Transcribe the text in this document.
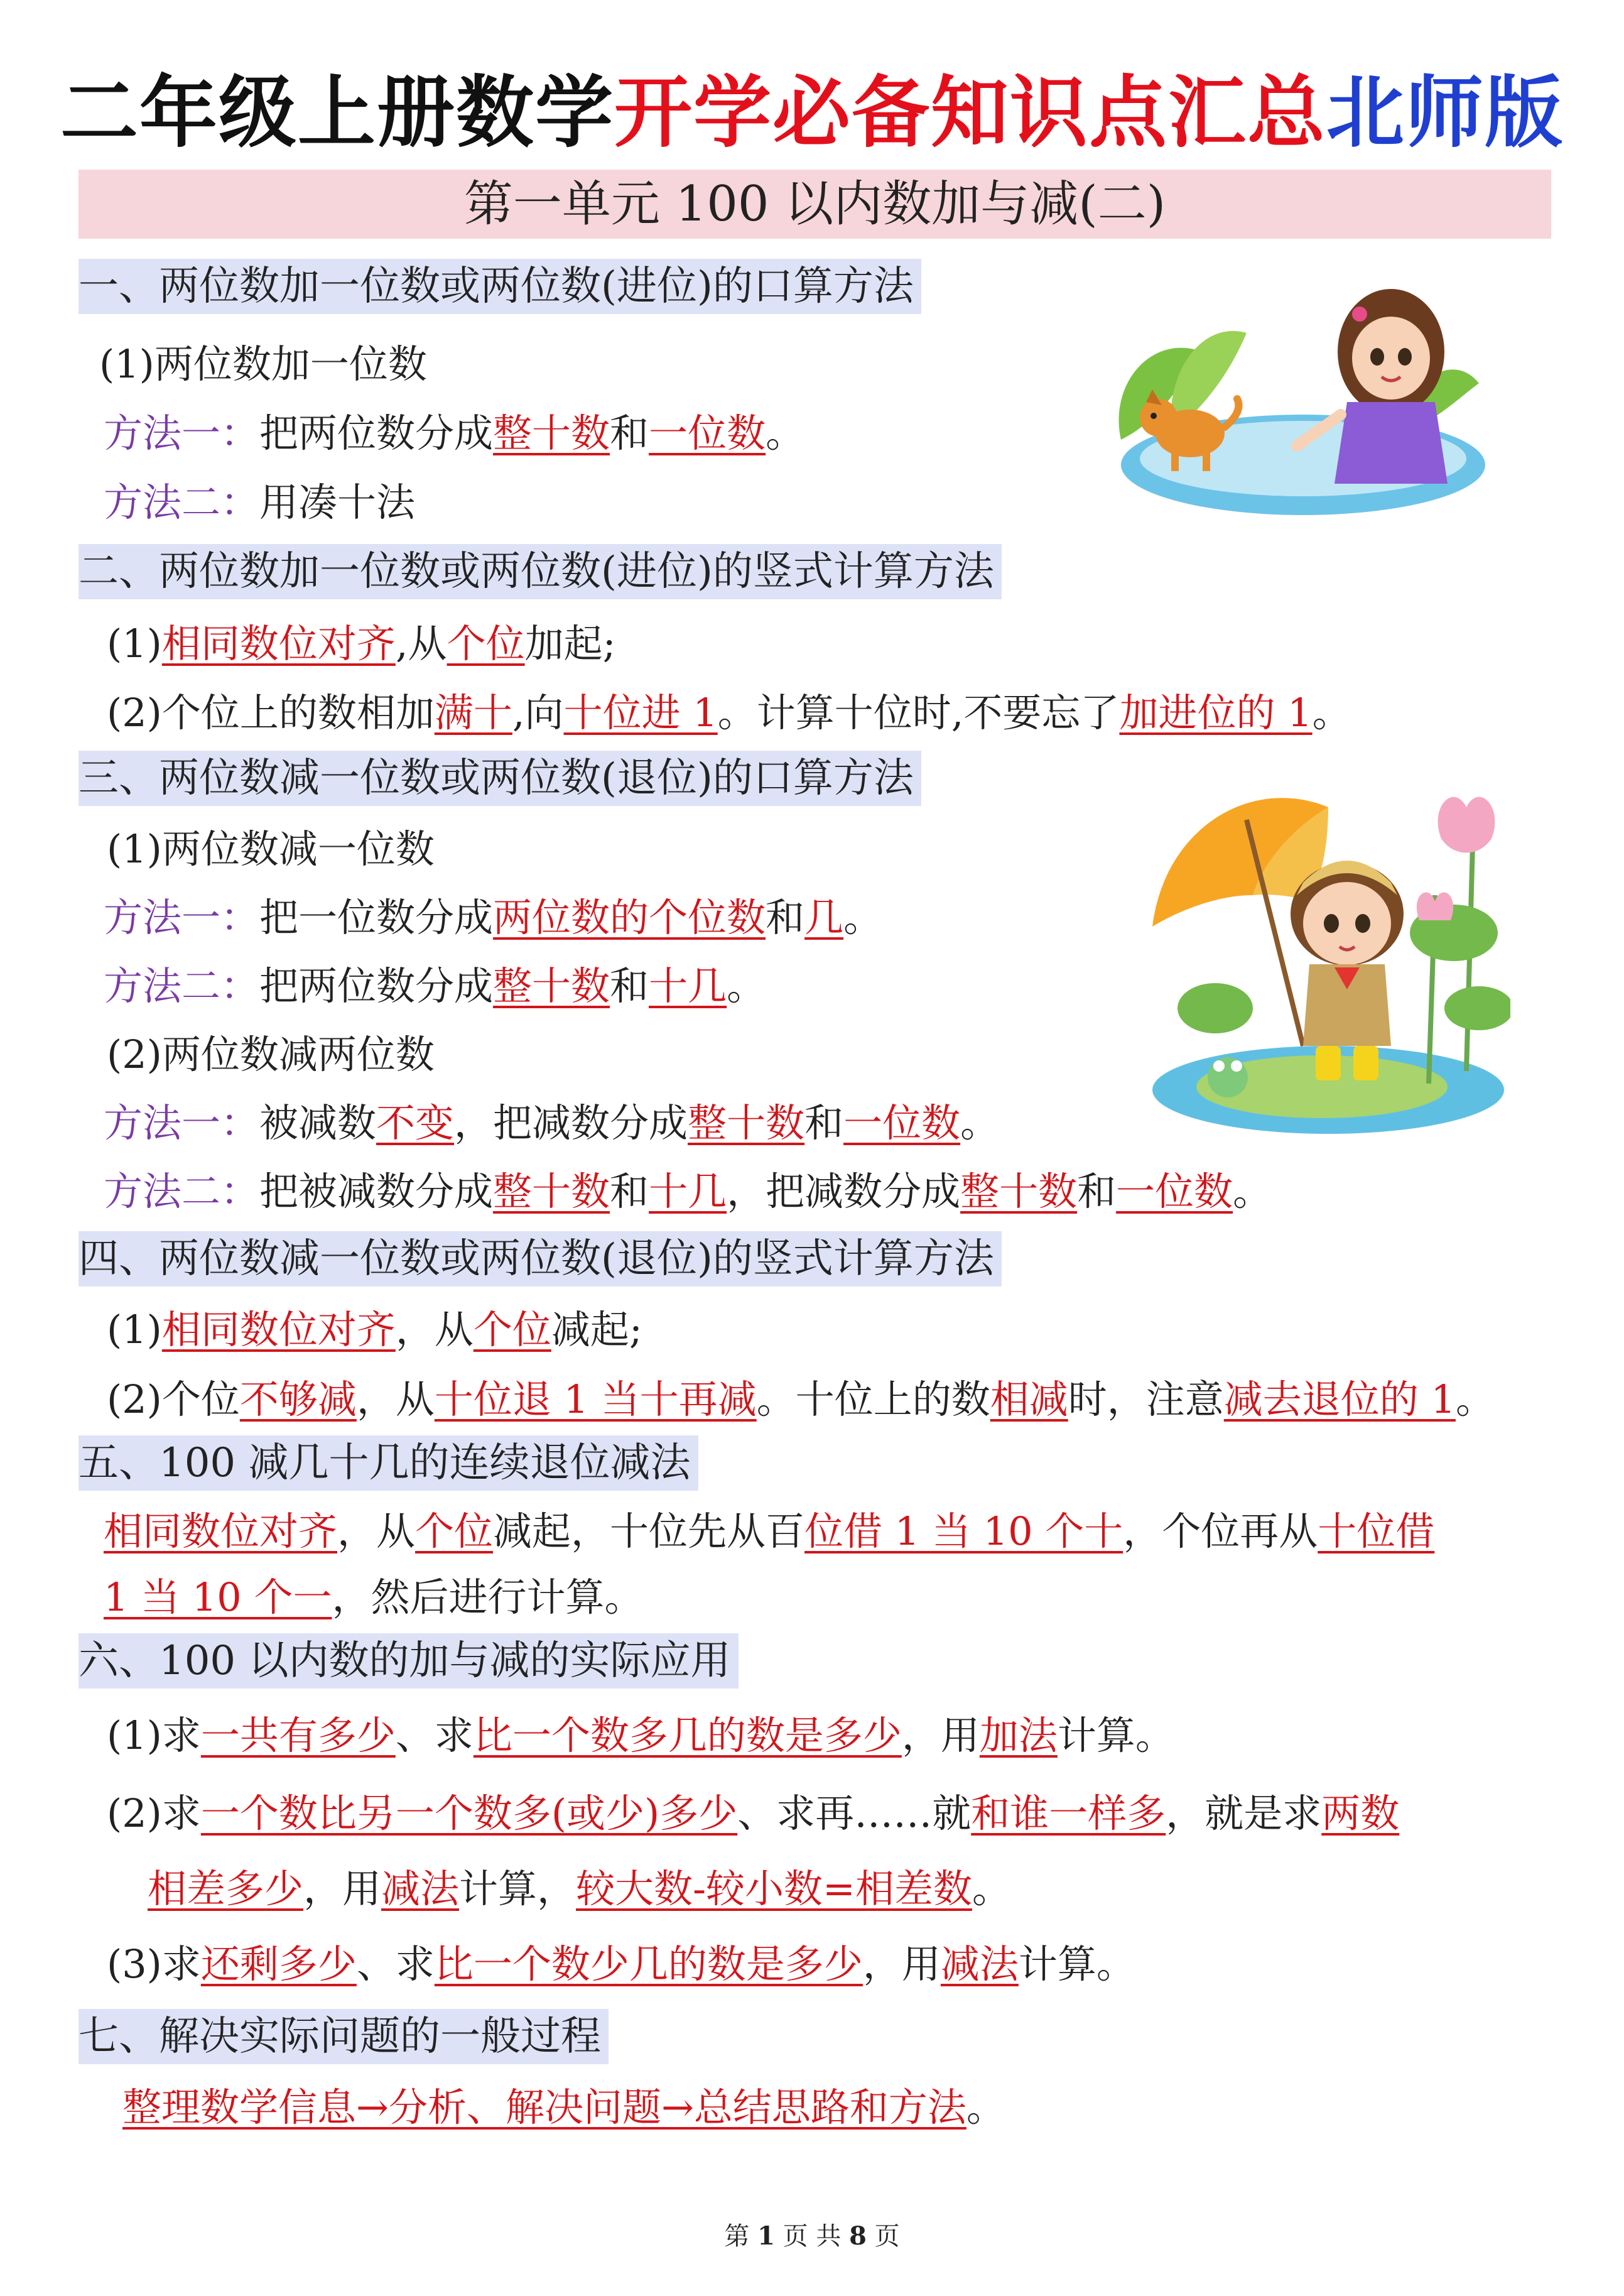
二年级上册数学开学必备知识点汇总北师版
第一单元 100 以内数加与减(二)
一、两位数加一位数或两位数(进位)的口算方法
(1)两位数加一位数
方法一：把两位数分成整十数和一位数。
方法二：用凑十法
二、两位数加一位数或两位数(进位)的竖式计算方法
(1)相同数位对齐,从个位加起;
(2)个位上的数相加满十,向十位进 1。计算十位时,不要忘了加进位的 1。
三、两位数减一位数或两位数(退位)的口算方法
(1)两位数减一位数
方法一：把一位数分成两位数的个位数和几。
方法二：把两位数分成整十数和十几。
(2)两位数减两位数
方法一：被减数不变，把减数分成整十数和一位数。
方法二：把被减数分成整十数和十几，把减数分成整十数和一位数。
四、两位数减一位数或两位数(退位)的竖式计算方法
(1)相同数位对齐，从个位减起;
(2)个位不够减，从十位退 1 当十再减。十位上的数相减时，注意减去退位的 1。
五、100 减几十几的连续退位减法
相同数位对齐，从个位减起，十位先从百位借 1 当 10 个十，个位再从十位借
1 当 10 个一，然后进行计算。
六、100 以内数的加与减的实际应用
(1)求一共有多少、求比一个数多几的数是多少，用加法计算。
(2)求一个数比另一个数多(或少)多少、求再……就和谁一样多，就是求两数
相差多少，用减法计算，较大数-较小数=相差数。
(3)求还剩多少、求比一个数少几的数是多少，用减法计算。
七、解决实际问题的一般过程
整理数学信息→分析、解决问题→总结思路和方法。
第 1 页 共 8 页
